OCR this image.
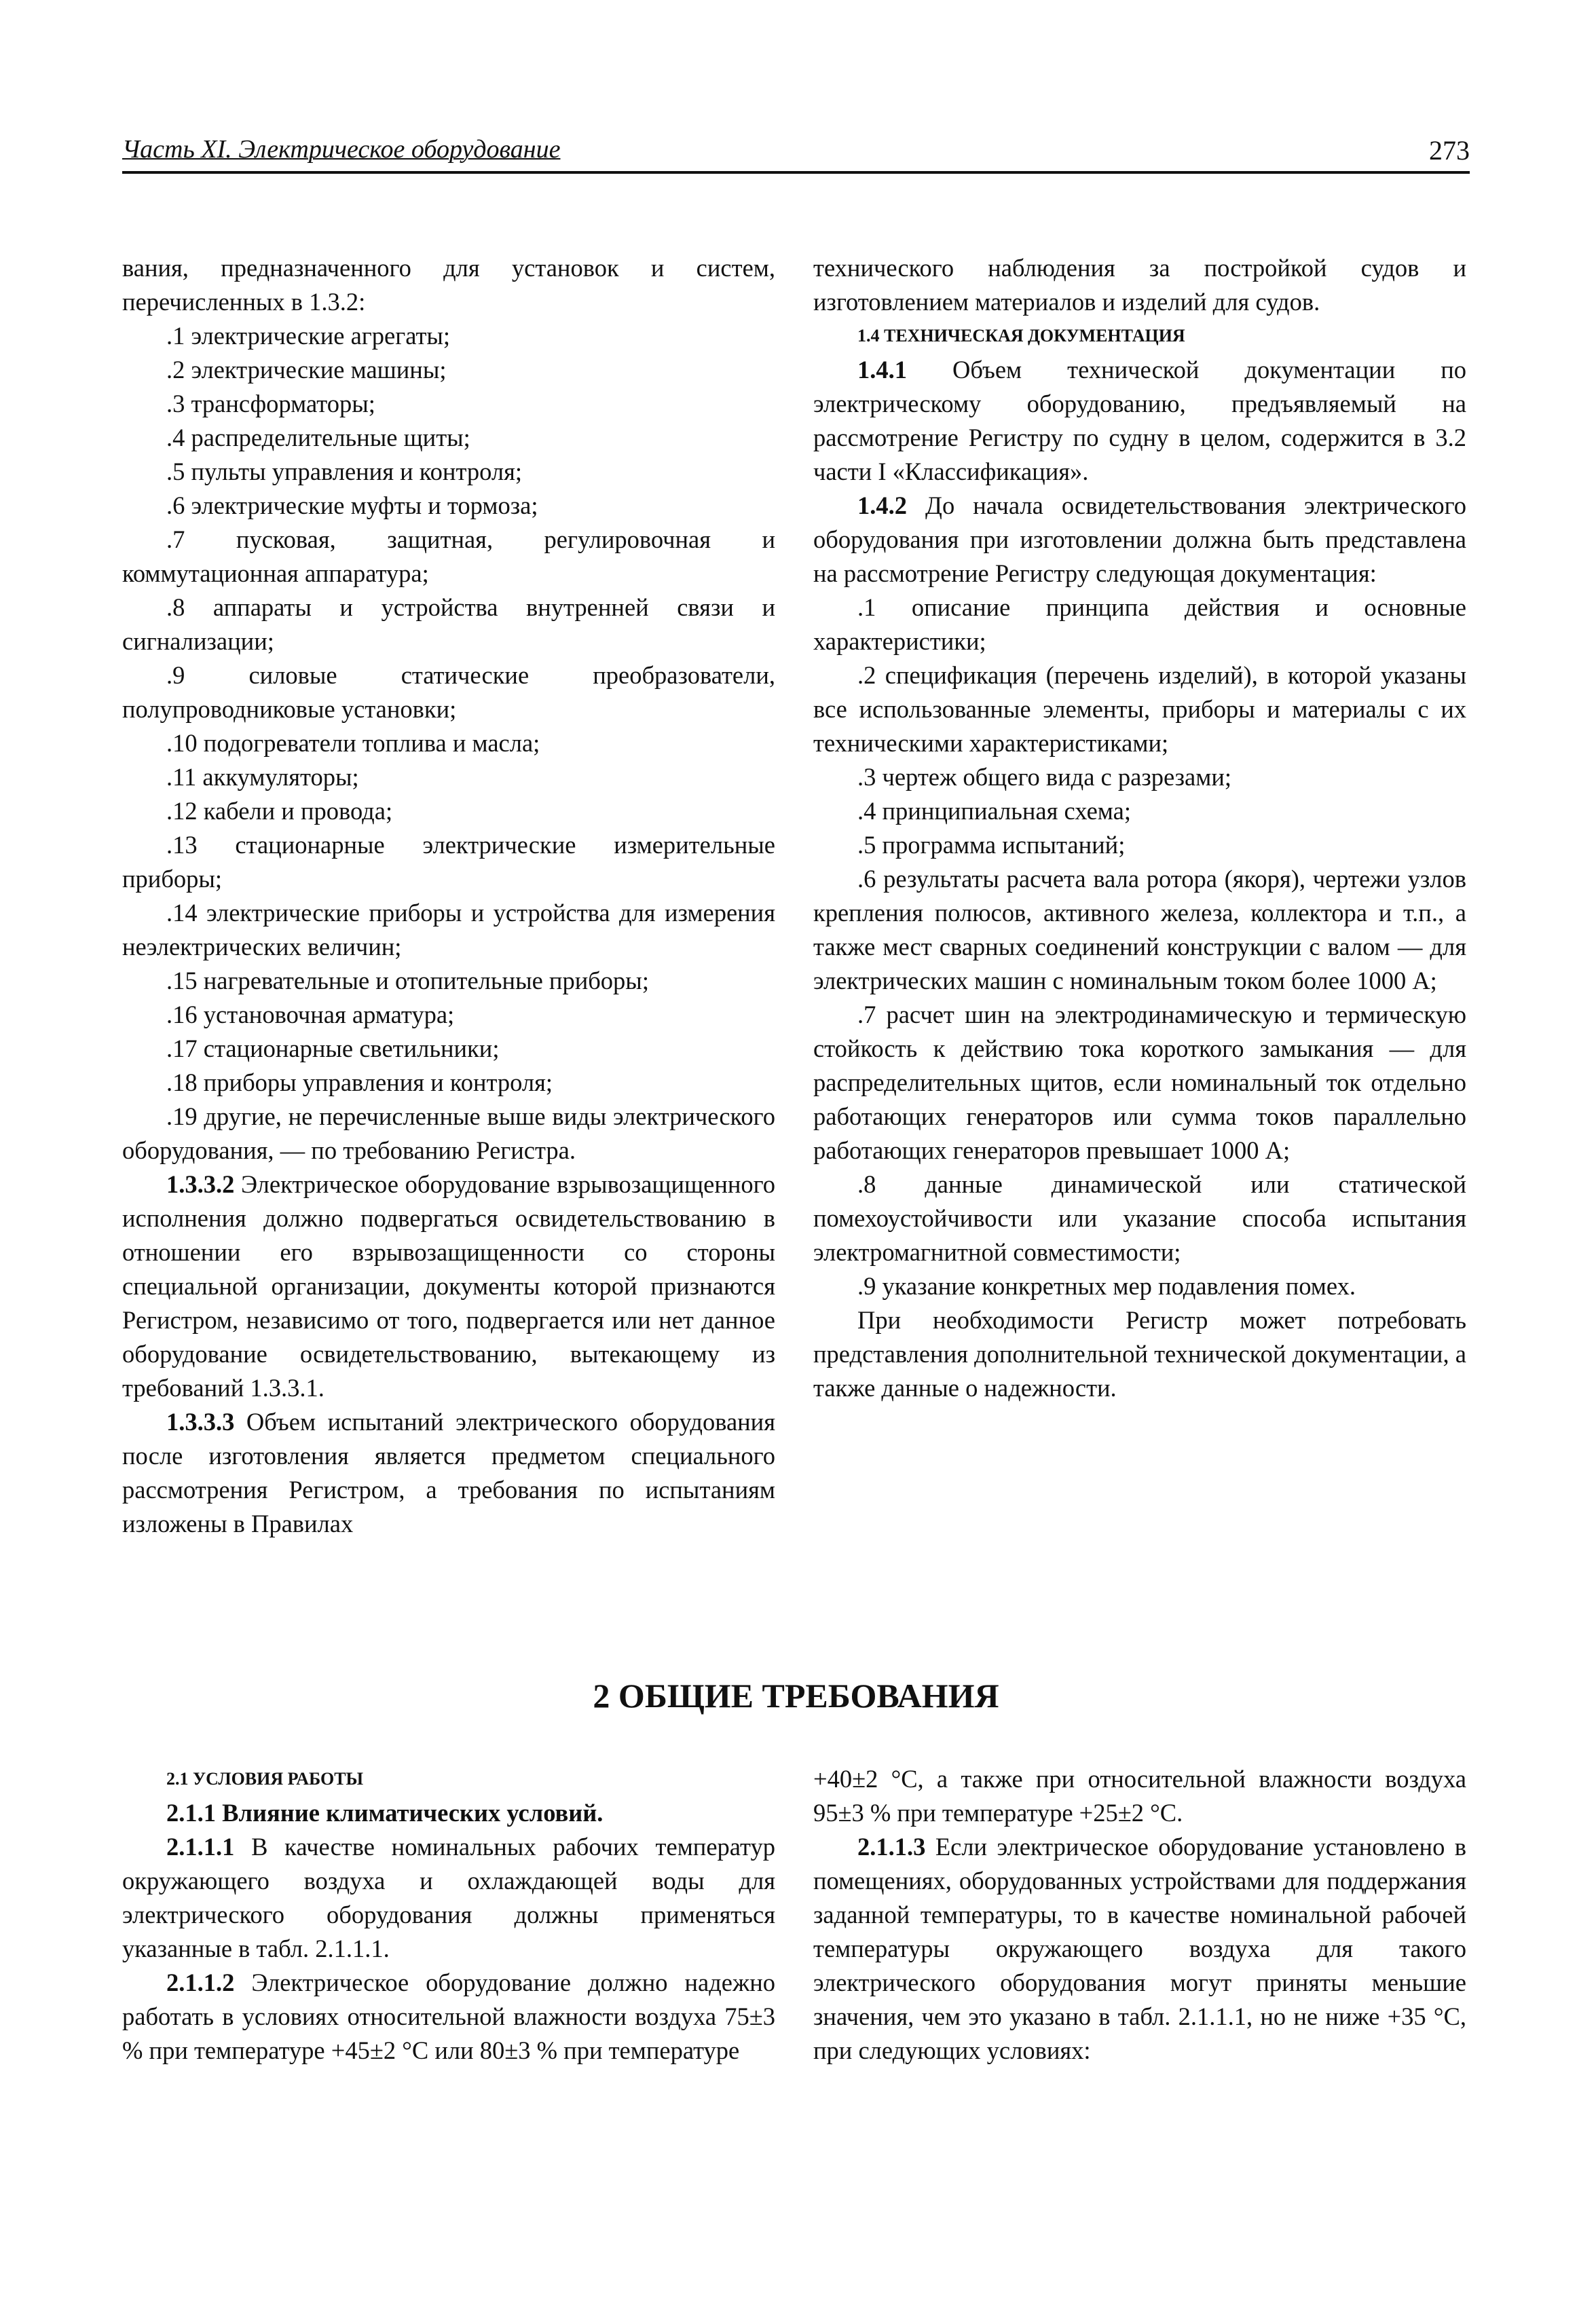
Часть XI. Электрическое оборудование	273

вания, предназначенного для установок и систем, перечисленных в 1.3.2:

.1 электрические агрегаты;

.2 электрические машины;

.3 трансформаторы;

.4 распределительные щиты;

.5 пульты управления и контроля;

.6 электрические муфты и тормоза;

.7 пусковая, защитная, регулировочная и коммутационная аппаратура;

.8 аппараты и устройства внутренней связи и сигнализации;

.9 силовые статические преобразователи, полупроводниковые установки;

.10 подогреватели топлива и масла;

.11 аккумуляторы;

.12 кабели и провода;

.13 стационарные электрические измерительные приборы;

.14 электрические приборы и устройства для измерения неэлектрических величин;

.15 нагревательные и отопительные приборы;

.16 установочная арматура;

.17 стационарные светильники;

.18 приборы управления и контроля;

.19 другие, не перечисленные выше виды электрического оборудования, — по требованию Регистра.

1.3.3.2 Электрическое оборудование взрывозащищенного исполнения должно подвергаться освидетельствованию в отношении его взрывозащищенности со стороны специальной организации, документы которой признаются Регистром, независимо от того, подвергается или нет данное оборудование освидетельствованию, вытекающему из требований 1.3.3.1.

1.3.3.3 Объем испытаний электрического оборудования после изготовления является предметом специального рассмотрения Регистром, а требования по испытаниям изложены в Правилах

технического наблюдения за постройкой судов и изготовлением материалов и изделий для судов.

1.4 ТЕХНИЧЕСКАЯ ДОКУМЕНТАЦИЯ

1.4.1 Объем технической документации по электрическому оборудованию, предъявляемый на рассмотрение Регистру по судну в целом, содержится в 3.2 части I «Классификация».

1.4.2 До начала освидетельствования электрического оборудования при изготовлении должна быть представлена на рассмотрение Регистру следующая документация:

.1 описание принципа действия и основные характеристики;

.2 спецификация (перечень изделий), в которой указаны все использованные элементы, приборы и материалы с их техническими характеристиками;

.3 чертеж общего вида с разрезами;

.4 принципиальная схема;

.5 программа испытаний;

.6 результаты расчета вала ротора (якоря), чертежи узлов крепления полюсов, активного железа, коллектора и т.п., а также мест сварных соединений конструкции с валом — для электрических машин с номинальным током более 1000 А;

.7 расчет шин на электродинамическую и термическую стойкость к действию тока короткого замыкания — для распределительных щитов, если номинальный ток отдельно работающих генераторов или сумма токов параллельно работающих генераторов превышает 1000 А;

.8 данные динамической или статической помехоустойчивости или указание способа испытания электромагнитной совместимости;

.9 указание конкретных мер подавления помех.

При необходимости Регистр может потребовать представления дополнительной технической документации, а также данные о надежности.

2 ОБЩИЕ ТРЕБОВАНИЯ

2.1 УСЛОВИЯ РАБОТЫ

2.1.1 Влияние климатических условий.

2.1.1.1 В качестве номинальных рабочих температур окружающего воздуха и охлаждающей воды для электрического оборудования должны применяться указанные в табл. 2.1.1.1.

2.1.1.2 Электрическое оборудование должно надежно работать в условиях относительной влажности воздуха 75±3 % при температуре +45±2 °С или 80±3 % при температуре

+40±2 °С, а также при относительной влажности воздуха 95±3 % при температуре +25±2 °С.

2.1.1.3 Если электрическое оборудование установлено в помещениях, оборудованных устройствами для поддержания заданной температуры, то в качестве номинальной рабочей температуры окружающего воздуха для такого электрического оборудования могут приняты меньшие значения, чем это указано в табл. 2.1.1.1, но не ниже +35 °С, при следующих условиях:
